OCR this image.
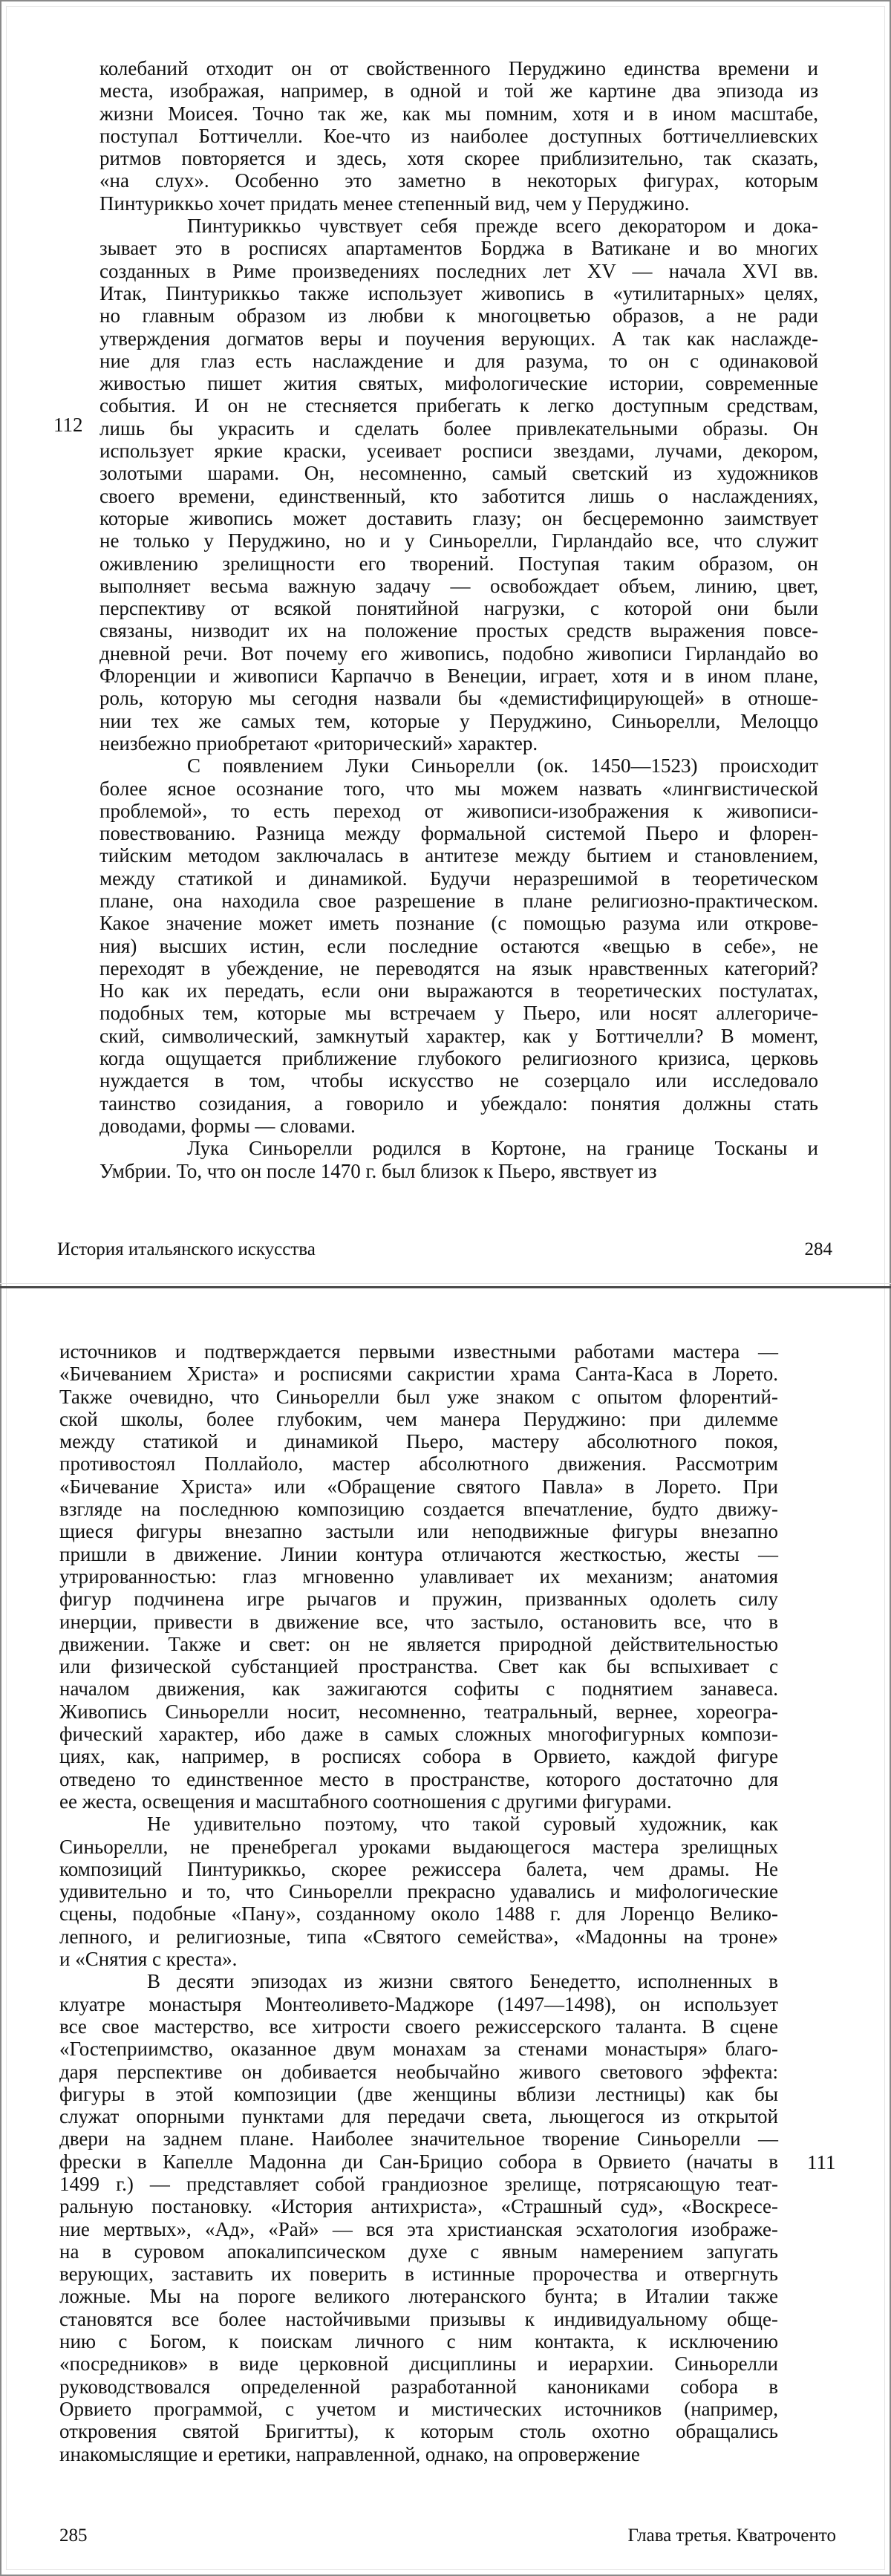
колебаний отходит он от свойственного Перуджино единства времени и
места, изображая, например, в одной и той же картине два эпизода из
жизни Моисея. Точно так же, как мы помним, хотя и в ином масштабе,
поступал Боттичелли. Кое-что из наиболее доступных боттичеллиевских
ритмов повторяется и здесь, хотя скорее приблизительно, так сказать,
«на слух». Особенно это заметно в некоторых фигурах, которым
Пинтуриккьо хочет придать менее степенный вид, чем у Перуджино.
Пинтуриккьо чувствует себя прежде всего декоратором и дока-
зывает это в росписях апартаментов Борджа в Ватикане и во многих
созданных в Риме произведениях последних лет XV — начала XVI вв.
Итак, Пинтуриккьо также использует живопись в «утилитарных» целях,
но главным образом из любви к многоцветью образов, а не ради
утверждения догматов веры и поучения верующих. А так как наслажде-
ние для глаз есть наслаждение и для разума, то он с одинаковой
живостью пишет жития святых, мифологические истории, современные
события. И он не стесняется прибегать к легко доступным средствам,
лишь бы украсить и сделать более привлекательными образы. Он
использует яркие краски, усеивает росписи звездами, лучами, декором,
золотыми шарами. Он, несомненно, самый светский из художников
своего времени, единственный, кто заботится лишь о наслаждениях,
которые живопись может доставить глазу; он бесцеремонно заимствует
не только у Перуджино, но и у Синьорелли, Гирландайо все, что служит
оживлению зрелищности его творений. Поступая таким образом, он
выполняет весьма важную задачу — освобождает объем, линию, цвет,
перспективу от всякой понятийной нагрузки, с которой они были
связаны, низводит их на положение простых средств выражения повсе-
дневной речи. Вот почему его живопись, подобно живописи Гирландайо во
Флоренции и живописи Карпаччо в Венеции, играет, хотя и в ином плане,
роль, которую мы сегодня назвали бы «демистифицирующей» в отноше-
нии тех же самых тем, которые у Перуджино, Синьорелли, Мелоццо
неизбежно приобретают «риторический» характер.
С появлением Луки Синьорелли (ок. 1450—1523) происходит
более ясное осознание того, что мы можем назвать «лингвистической
проблемой», то есть переход от живописи-изображения к живописи-
повествованию. Разница между формальной системой Пьеро и флорен-
тийским методом заключалась в антитезе между бытием и становлением,
между статикой и динамикой. Будучи неразрешимой в теоретическом
плане, она находила свое разрешение в плане религиозно-практическом.
Какое значение может иметь познание (с помощью разума или открове-
ния) высших истин, если последние остаются «вещью в себе», не
переходят в убеждение, не переводятся на язык нравственных категорий?
Но как их передать, если они выражаются в теоретических постулатах,
подобных тем, которые мы встречаем у Пьеро, или носят аллегориче-
ский, символический, замкнутый характер, как у Боттичелли? В момент,
когда ощущается приближение глубокого религиозного кризиса, церковь
нуждается в том, чтобы искусство не созерцало или исследовало
таинство созидания, а говорило и убеждало: понятия должны стать
доводами, формы — словами.
Лука Синьорелли родился в Кортоне, на границе Тосканы и
Умбрии. То, что он после 1470 г. был близок к Пьеро, явствует из
112
История итальянского искусства	284
источников и подтверждается первыми известными работами мастера —
«Бичеванием Христа» и росписями сакристии храма Санта-Каса в Лорето.
Также очевидно, что Синьорелли был уже знаком с опытом флорентий-
ской школы, более глубоким, чем манера Перуджино: при дилемме
между статикой и динамикой Пьеро, мастеру абсолютного покоя,
противостоял Поллайоло, мастер абсолютного движения. Рассмотрим
«Бичевание Христа» или «Обращение святого Павла» в Лорето. При
взгляде на последнюю композицию создается впечатление, будто движу-
щиеся фигуры внезапно застыли или неподвижные фигуры внезапно
пришли в движение. Линии контура отличаются жесткостью, жесты —
утрированностью: глаз мгновенно улавливает их механизм; анатомия
фигур подчинена игре рычагов и пружин, призванных одолеть силу
инерции, привести в движение все, что застыло, остановить все, что в
движении. Также и свет: он не является природной действительностью
или физической субстанцией пространства. Свет как бы вспыхивает с
началом движения, как зажигаются софиты с поднятием занавеса.
Живопись Синьорелли носит, несомненно, театральный, вернее, хореогра-
фический характер, ибо даже в самых сложных многофигурных компози-
циях, как, например, в росписях собора в Орвието, каждой фигуре
отведено то единственное место в пространстве, которого достаточно для
ее жеста, освещения и масштабного соотношения с другими фигурами.
Не удивительно поэтому, что такой суровый художник, как
Синьорелли, не пренебрегал уроками выдающегося мастера зрелищных
композиций Пинтуриккьо, скорее режиссера балета, чем драмы. Не
удивительно и то, что Синьорелли прекрасно удавались и мифологические
сцены, подобные «Пану», созданному около 1488 г. для Лоренцо Велико-
лепного, и религиозные, типа «Святого семейства», «Мадонны на троне»
и «Снятия с креста».
В десяти эпизодах из жизни святого Бенедетто, исполненных в
клуатре монастыря Монтеоливето-Маджоре (1497—1498), он использует
все свое мастерство, все хитрости своего режиссерского таланта. В сцене
«Гостеприимство, оказанное двум монахам за стенами монастыря» благо-
даря перспективе он добивается необычайно живого светового эффекта:
фигуры в этой композиции (две женщины вблизи лестницы) как бы
служат опорными пунктами для передачи света, льющегося из открытой
двери на заднем плане. Наиболее значительное творение Синьорелли —
фрески в Капелле Мадонна ди Сан-Брицио собора в Орвието (начаты в
1499 г.) — представляет собой грандиозное зрелище, потрясающую теат-
ральную постановку. «История антихриста», «Страшный суд», «Воскресе-
ние мертвых», «Ад», «Рай» — вся эта христианская эсхатология изображе-
на в суровом апокалипсическом духе с явным намерением запугать
верующих, заставить их поверить в истинные пророчества и отвергнуть
ложные. Мы на пороге великого лютеранского бунта; в Италии также
становятся все более настойчивыми призывы к индивидуальному обще-
нию с Богом, к поискам личного с ним контакта, к исключению
«посредников» в виде церковной дисциплины и иерархии. Синьорелли
руководствовался определенной разработанной канониками собора в
Орвието программой, с учетом и мистических источников (например,
откровения святой Бригитты), к которым столь охотно обращались
инакомыслящие и еретики, направленной, однако, на опровержение
111
285	Глава третья. Кватроченто
